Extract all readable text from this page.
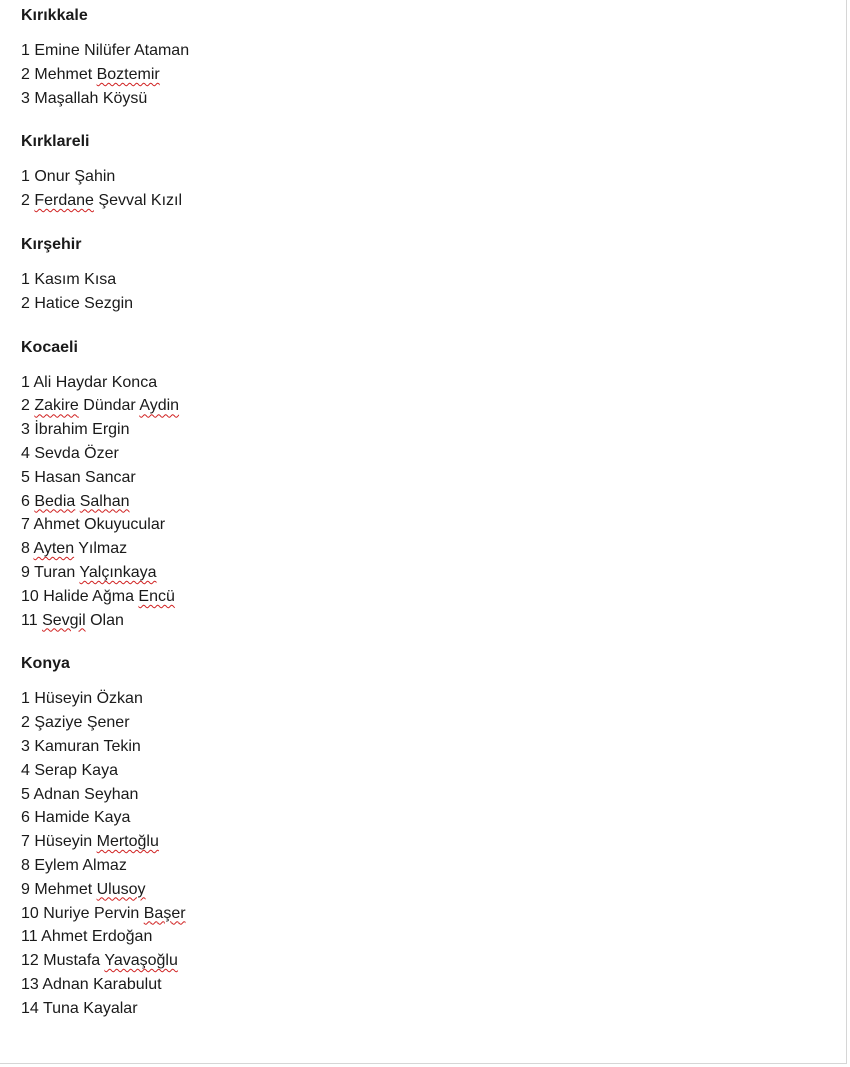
Kırıkkale
1 Emine Nilüfer Ataman
2 Mehmet Boztemir
3 Maşallah Köysü
Kırklareli
1 Onur Şahin
2 Ferdane Şevval Kızıl
Kırşehir
1 Kasım Kısa
2 Hatice Sezgin
Kocaeli
1 Ali Haydar Konca
2 Zakire Dündar Aydin
3 İbrahim Ergin
4 Sevda Özer
5 Hasan Sancar
6 Bedia Salhan
7 Ahmet Okuyucular
8 Ayten Yılmaz
9 Turan Yalçınkaya
10 Halide Ağma Encü
11 Sevgil Olan
Konya
1 Hüseyin Özkan
2 Şaziye Şener
3 Kamuran Tekin
4 Serap Kaya
5 Adnan Seyhan
6 Hamide Kaya
7 Hüseyin Mertoğlu
8 Eylem Almaz
9 Mehmet Ulusoy
10 Nuriye Pervin Başer
11 Ahmet Erdoğan
12 Mustafa Yavaşoğlu
13 Adnan Karabulut
14 Tuna Kayalar
